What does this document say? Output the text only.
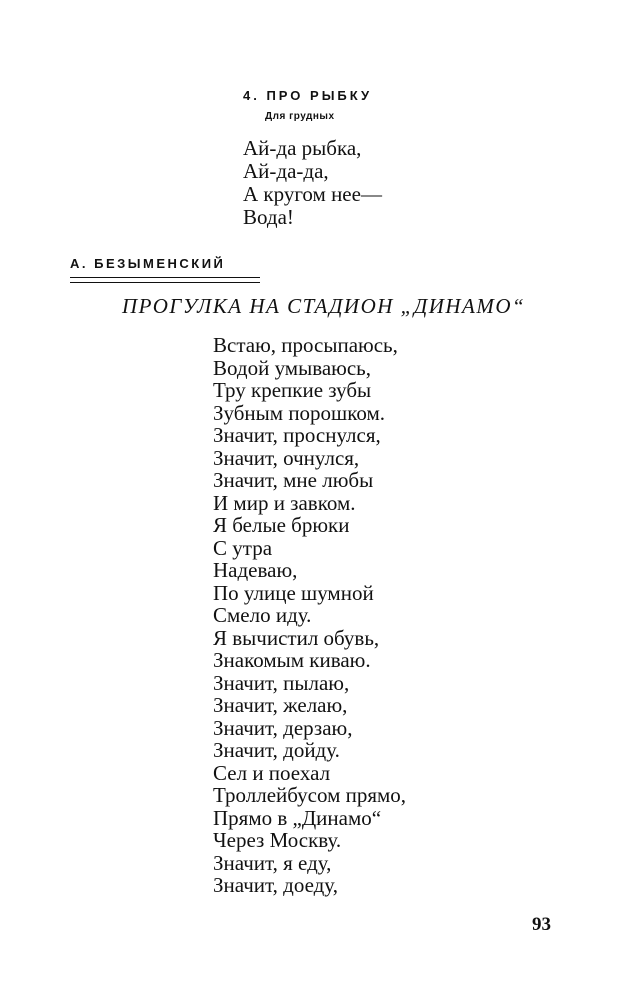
4. ПРО РЫБКУ
Для грудных
Ай-да рыбка,
Ай-да-да,
А кругом нее—
Вода!
А. БЕЗЫМЕНСКИЙ
ПРОГУЛКА НА СТАДИОН „ДИНАМО“
Встаю, просыпаюсь,
Водой умываюсь,
Тру крепкие зубы
Зубным порошком.
Значит, проснулся,
Значит, очнулся,
Значит, мне любы
И мир и завком.
Я белые брюки
С утра
Надеваю,
По улице шумной
Смело иду.
Я вычистил обувь,
Знакомым киваю.
Значит, пылаю,
Значит, желаю,
Значит, дерзаю,
Значит, дойду.
Сел и поехал
Троллейбусом прямо,
Прямо в „Динамо“
Через Москву.
Значит, я еду,
Значит, доеду,
93
